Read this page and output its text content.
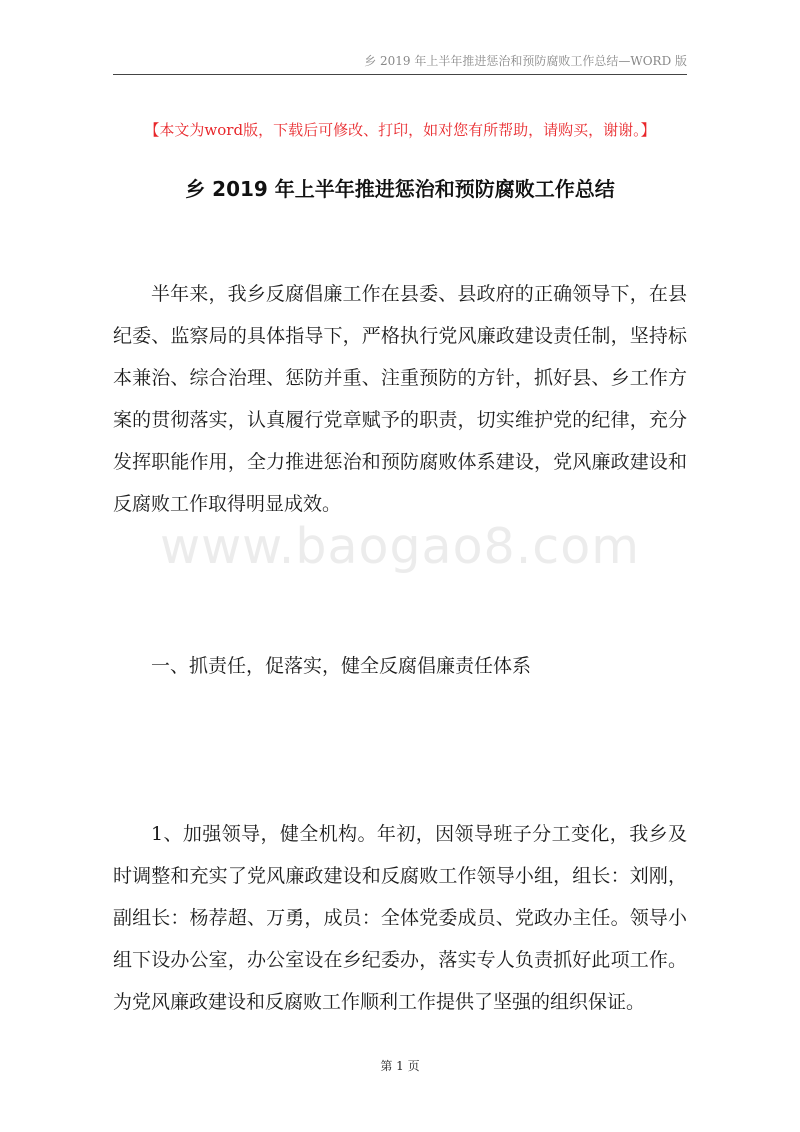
乡 2019 年上半年推进惩治和预防腐败工作总结—WORD 版
【本文为word版，下载后可修改、打印，如对您有所帮助，请购买，谢谢。】
乡 2019 年上半年推进惩治和预防腐败工作总结

半年来，我乡反腐倡廉工作在县委、县政府的正确领导下，在县纪委、监察局的具体指导下，严格执行党风廉政建设责任制，坚持标本兼治、综合治理、惩防并重、注重预防的方针，抓好县、乡工作方案的贯彻落实，认真履行党章赋予的职责，切实维护党的纪律，充分发挥职能作用，全力推进惩治和预防腐败体系建设，党风廉政建设和反腐败工作取得明显成效。

www.baogao8.com
一、抓责任，促落实，健全反腐倡廉责任体系

1、加强领导，健全机构。年初，因领导班子分工变化，我乡及时调整和充实了党风廉政建设和反腐败工作领导小组，组长：刘刚，副组长：杨荐超、万勇，成员：全体党委成员、党政办主任。领导小组下设办公室，办公室设在乡纪委办，落实专人负责抓好此项工作。为党风廉政建设和反腐败工作顺利工作提供了坚强的组织保证。

第 1 页
